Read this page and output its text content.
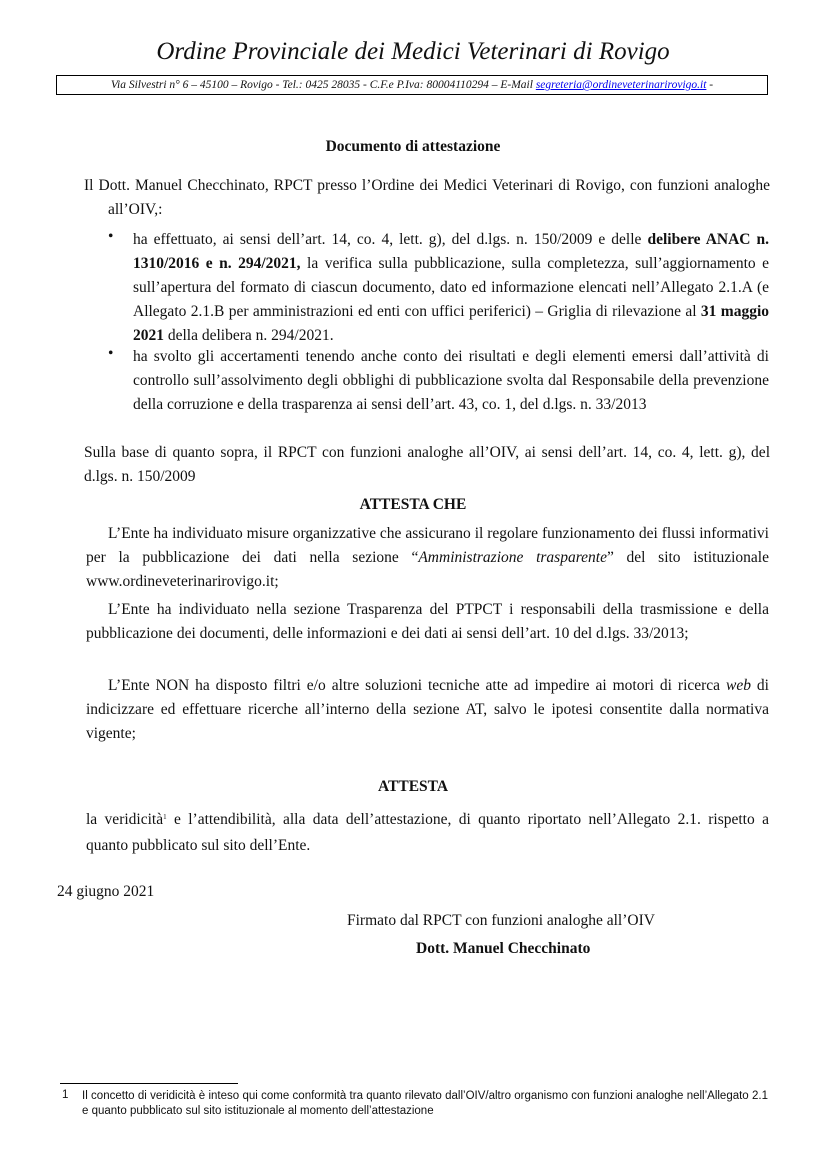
Ordine Provinciale dei Medici Veterinari di Rovigo
Via Silvestri n° 6 – 45100 – Rovigo - Tel.: 0425 28035 - C.F.e P.Iva: 80004110294 – E-Mail segreteria@ordineveterinarirovigo.it -
Documento di attestazione
Il Dott. Manuel Checchinato, RPCT presso l’Ordine dei Medici Veterinari di Rovigo, con funzioni analoghe all’OIV,:
• ha effettuato, ai sensi dell’art. 14, co. 4, lett. g), del d.lgs. n. 150/2009 e delle delibere ANAC n. 1310/2016 e n. 294/2021, la verifica sulla pubblicazione, sulla completezza, sull’aggiornamento e sull’apertura del formato di ciascun documento, dato ed informazione elencati nell’Allegato 2.1.A (e Allegato 2.1.B per amministrazioni ed enti con uffici periferici) – Griglia di rilevazione al 31 maggio 2021 della delibera n. 294/2021.
• ha svolto gli accertamenti tenendo anche conto dei risultati e degli elementi emersi dall’attività di controllo sull’assolvimento degli obblighi di pubblicazione svolta dal Responsabile della prevenzione della corruzione e della trasparenza ai sensi dell’art. 43, co. 1, del d.lgs. n. 33/2013
Sulla base di quanto sopra, il RPCT con funzioni analoghe all’OIV, ai sensi dell’art. 14, co. 4, lett. g), del d.lgs. n. 150/2009
ATTESTA CHE
L’Ente ha individuato misure organizzative che assicurano il regolare funzionamento dei flussi informativi per la pubblicazione dei dati nella sezione “Amministrazione trasparente” del sito istituzionale www.ordineveterinarirovigo.it;
L’Ente ha individuato nella sezione Trasparenza del PTPCT i responsabili della trasmissione e della pubblicazione dei documenti, delle informazioni e dei dati ai sensi dell’art. 10 del d.lgs. 33/2013;
L’Ente NON ha disposto filtri e/o altre soluzioni tecniche atte ad impedire ai motori di ricerca web di indicizzare ed effettuare ricerche all’interno della sezione AT, salvo le ipotesi consentite dalla normativa vigente;
ATTESTA
la veridicità$^1$ e l’attendibilità, alla data dell’attestazione, di quanto riportato nell’Allegato 2.1. rispetto a quanto pubblicato sul sito dell’Ente.
24 giugno 2021
Firmato dal RPCT con funzioni analoghe all’OIV
Dott. Manuel Checchinato
1 Il concetto di veridicità è inteso qui come conformità tra quanto rilevato dall’OIV/altro organismo con funzioni analoghe nell’Allegato 2.1 e quanto pubblicato sul sito istituzionale al momento dell’attestazione
